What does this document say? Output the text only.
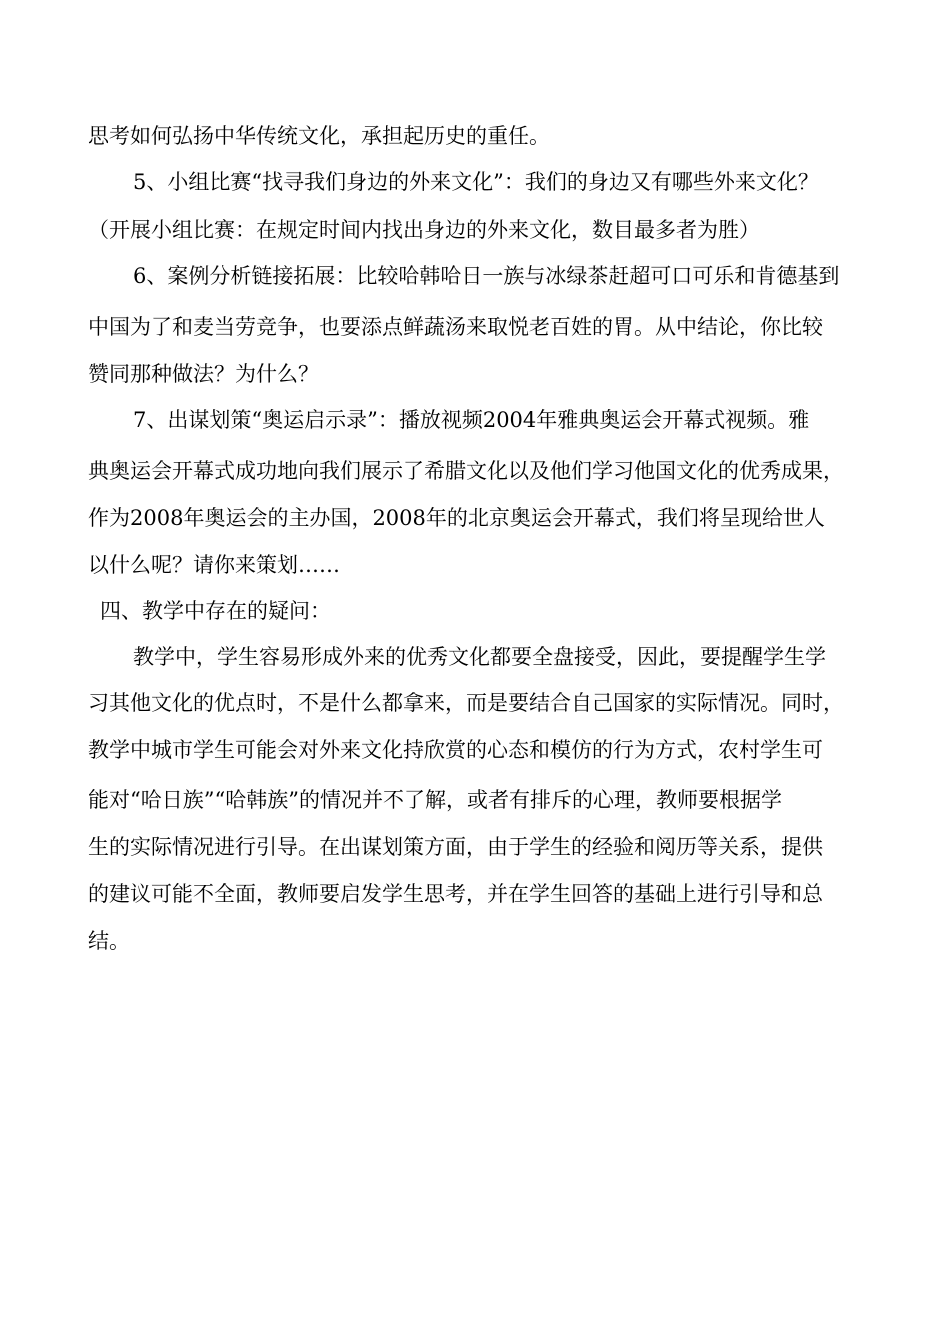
思考如何弘扬中华传统文化，承担起历史的重任。
5、小组比赛“找寻我们身边的外来文化”：我们的身边又有哪些外来文化？
（开展小组比赛：在规定时间内找出身边的外来文化，数目最多者为胜）
6、案例分析链接拓展：比较哈韩哈日一族与冰绿茶赶超可口可乐和肯德基到
中国为了和麦当劳竞争，也要添点鲜蔬汤来取悦老百姓的胃。从中结论，你比较
赞同那种做法？为什么？
7、出谋划策“奥运启示录”：播放视频2004年雅典奥运会开幕式视频。雅
典奥运会开幕式成功地向我们展示了希腊文化以及他们学习他国文化的优秀成果，
作为2008年奥运会的主办国，2008年的北京奥运会开幕式，我们将呈现给世人
以什么呢？请你来策划……
四、教学中存在的疑问：
教学中，学生容易形成外来的优秀文化都要全盘接受，因此，要提醒学生学
习其他文化的优点时，不是什么都拿来，而是要结合自己国家的实际情况。同时，
教学中城市学生可能会对外来文化持欣赏的心态和模仿的行为方式，农村学生可
能对“哈日族”“哈韩族”的情况并不了解，或者有排斥的心理，教师要根据学
生的实际情况进行引导。在出谋划策方面，由于学生的经验和阅历等关系，提供
的建议可能不全面，教师要启发学生思考，并在学生回答的基础上进行引导和总
结。
